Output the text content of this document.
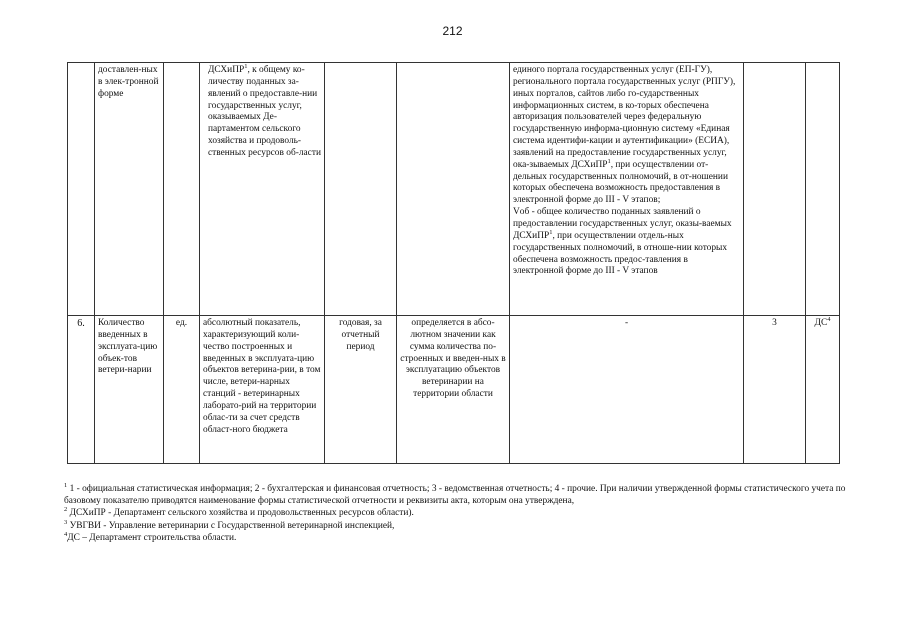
212
	доставлен-ных в элек-тронной форме		ДСХиПР$^1$, к общему ко-личеству поданных за-явлений о предоставле-нии государственных услуг, оказываемых Де-партаментом сельского хозяйства и продоволь-ственных ресурсов об-ласти			единого портала государственных услуг (ЕП-ГУ), регионального портала государственных услуг (РПГУ), иных порталов, сайтов либо го-сударственных информационных систем, в ко-торых обеспечена авторизация пользователей через федеральную государственную информа-ционную систему «Единая система идентифи-кации и аутентификации» (ЕСИА), заявлений на предоставление государственных услуг, ока-зываемых ДСХиПР$^1$, при осуществлении от-дельных государственных полномочий, в от-ношении которых обеспечена возможность предоставления в электронной форме до III - V этапов;
Vоб - общее количество поданных заявлений о предоставлении государственных услуг, оказы-ваемых ДСХиПР$^1$, при осуществлении отдель-ных государственных полномочий, в отноше-нии которых обеспечена возможность предос-тавления в электронной форме до III - V этапов		

6.	Количество введенных в эксплуата-цию объек-тов ветери-нарии	ед.	абсолютный показатель, характеризующий коли-чество построенных и введенных в эксплуата-цию объектов ветерина-рии, в том числе, ветери-нарных станций - ветеринарных лаборато-рий на территории облас-ти за счет средств област-ного бюджета	годовая, за отчетный период	определяется в абсо-лютном значении как сумма количества по-строенных и введен-ных в эксплуатацию объектов ветеринарии на территории области	-	3	$ДС^4$

$^1$ 1 - официальная статистическая информация; 2 - бухгалтерская и финансовая отчетность; 3 - ведомственная отчетность; 4 - прочие. При наличии утвержденной формы статистического учета по базовому показателю приводятся наименование формы статистической отчетности и реквизиты акта, которым она утверждена,

$^2$ ДСХиПР - Департамент сельского хозяйства и продовольственных ресурсов области).

$^3$ УВГВИ - Управление ветеринарии с Государственной ветеринарной инспекцией,

$^4$ДС – Департамент строительства области.
